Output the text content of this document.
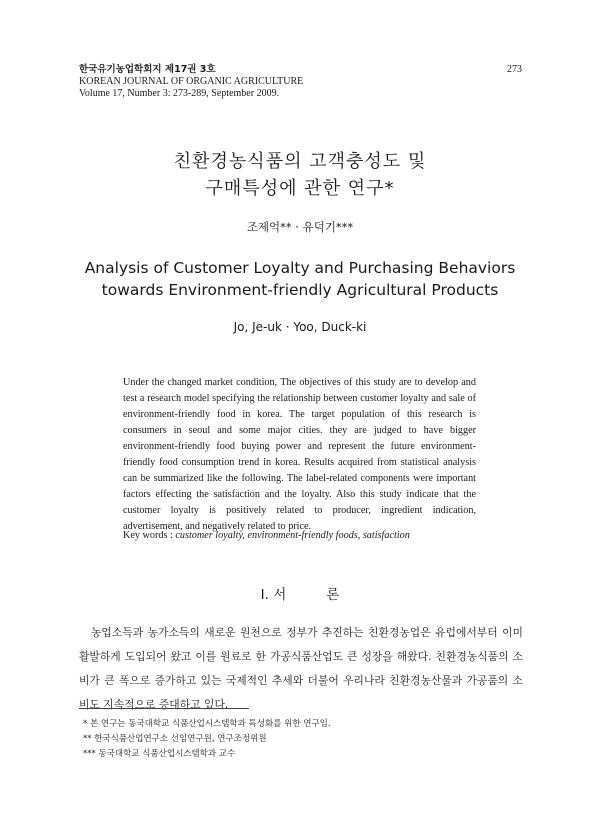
한국유기농업학회지 제17권 3호
KOREAN JOURNAL OF ORGANIC AGRICULTURE
Volume 17, Number 3: 273-289, September 2009.
273
친환경농식품의 고객충성도 및
구매특성에 관한 연구*
조제억** · 유덕기***
Analysis of Customer Loyalty and Purchasing Behaviors
towards Environment-friendly Agricultural Products
Jo, Je-uk · Yoo, Duck-ki

Under the changed market condition, The objectives of this study are to develop and test a research model specifying the relationship between customer loyalty and sale of environment-friendly food in korea. The target population of this research is consumers in seoul and some major cities. they are judged to have bigger environment-friendly food buying power and represent the future environment-friendly food consumption trend in korea. Results acquired from statistical analysis can be summarized like the following. The label-related components were important factors effecting the satisfaction and the loyalty. Also this study indicate that the customer loyalty is positively related to producer, ingredient indication, advertisement, and negatively related to price.

Key words : customer loyalty, environment-friendly foods, satisfaction
Ⅰ. 서	론

농업소득과 농가소득의 새로운 원천으로 정부가 추진하는 친환경농업은 유럽에서부터 이미 활발하게 도입되어 왔고 이를 원료로 한 가공식품산업도 큰 성장을 해왔다. 친환경농식품의 소비가 큰 폭으로 증가하고 있는 국제적인 추세와 더불어 우리나라 친환경농산물과 가공품의 소비도 지속적으로 증대하고 있다.

* 본 연구는 동국대학교 식품산업시스템학과 특성화를 위한 연구임.
** 한국식품산업연구소 선임연구원, 연구조정위원
*** 동국대학교 식품산업시스템학과 교수
